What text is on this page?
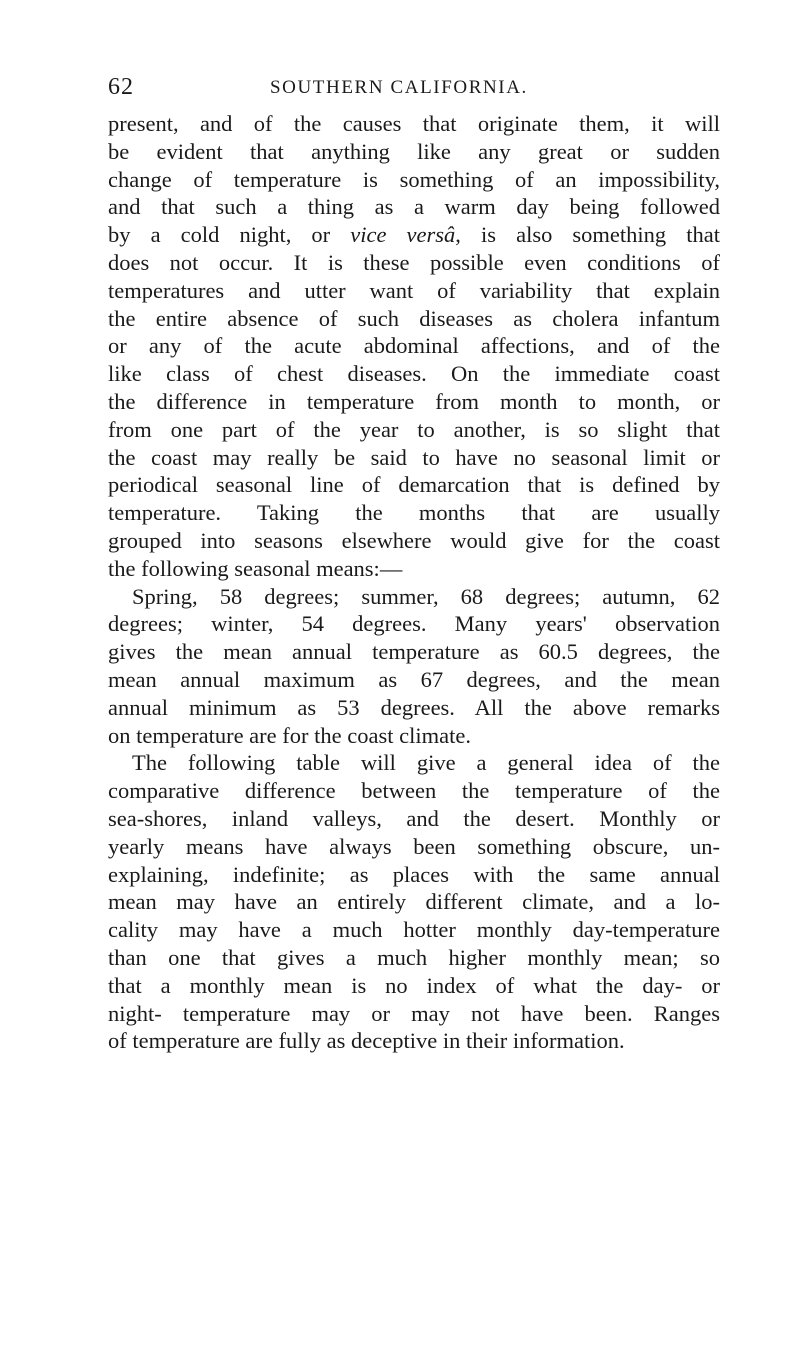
62	SOUTHERN CALIFORNIA.
present, and of the causes that originate them, it will
be evident that anything like any great or sudden
change of temperature is something of an impossibility,
and that such a thing as a warm day being followed
by a cold night, or vice versâ, is also something that
does not occur. It is these possible even conditions of
temperatures and utter want of variability that explain
the entire absence of such diseases as cholera infantum
or any of the acute abdominal affections, and of the
like class of chest diseases. On the immediate coast
the difference in temperature from month to month, or
from one part of the year to another, is so slight that
the coast may really be said to have no seasonal limit or
periodical seasonal line of demarcation that is defined by
temperature. Taking the months that are usually
grouped into seasons elsewhere would give for the coast
the following seasonal means:—
Spring, 58 degrees; summer, 68 degrees; autumn, 62
degrees; winter, 54 degrees. Many years' observation
gives the mean annual temperature as 60.5 degrees, the
mean annual maximum as 67 degrees, and the mean
annual minimum as 53 degrees. All the above remarks
on temperature are for the coast climate.
The following table will give a general idea of the
comparative difference between the temperature of the
sea-shores, inland valleys, and the desert. Monthly or
yearly means have always been something obscure, un-
explaining, indefinite; as places with the same annual
mean may have an entirely different climate, and a lo-
cality may have a much hotter monthly day-temperature
than one that gives a much higher monthly mean; so
that a monthly mean is no index of what the day- or
night- temperature may or may not have been. Ranges
of temperature are fully as deceptive in their information.
